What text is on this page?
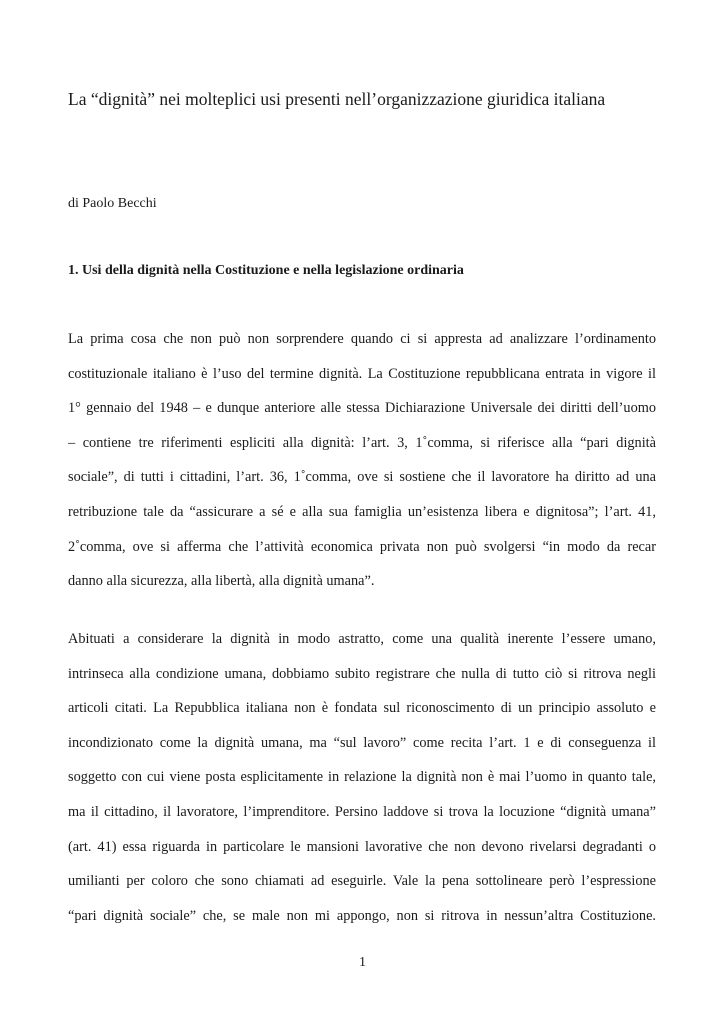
La “dignità” nei molteplici usi presenti nell’organizzazione giuridica italiana
di Paolo Becchi
1. Usi della dignità nella Costituzione e nella legislazione ordinaria
La prima cosa che non può non sorprendere quando ci si appresta ad analizzare l’ordinamento
costituzionale italiano è l’uso del termine dignità. La Costituzione repubblicana entrata in vigore il
1° gennaio del 1948 – e dunque anteriore alle stessa Dichiarazione Universale dei diritti dell’uomo
– contiene tre riferimenti espliciti alla dignità: l’art. 3, 1˚comma, si riferisce alla “pari dignità
sociale”, di tutti i cittadini, l’art. 36, 1˚comma, ove si sostiene che il lavoratore ha diritto ad una
retribuzione tale da “assicurare a sé e alla sua famiglia un’esistenza libera e dignitosa”; l’art. 41,
2˚comma, ove si afferma che l’attività economica privata non può svolgersi “in modo da recar
danno alla sicurezza, alla libertà, alla dignità umana”.
Abituati a considerare la dignità in modo astratto, come una qualità inerente l’essere umano,
intrinseca alla condizione umana, dobbiamo subito registrare che nulla di tutto ciò si ritrova negli
articoli citati. La Repubblica italiana non è fondata sul riconoscimento di un principio assoluto e
incondizionato come la dignità umana, ma “sul lavoro” come recita l’art. 1 e di conseguenza il
soggetto con cui viene posta esplicitamente in relazione la dignità non è mai l’uomo in quanto tale,
ma il cittadino, il lavoratore, l’imprenditore. Persino laddove si trova la locuzione “dignità umana”
(art. 41) essa riguarda in particolare le mansioni lavorative che non devono rivelarsi degradanti o
umilianti per coloro che sono chiamati ad eseguirle. Vale la pena sottolineare però l’espressione
“pari dignità sociale” che, se male non mi appongo, non si ritrova in nessun’altra Costituzione.
1
